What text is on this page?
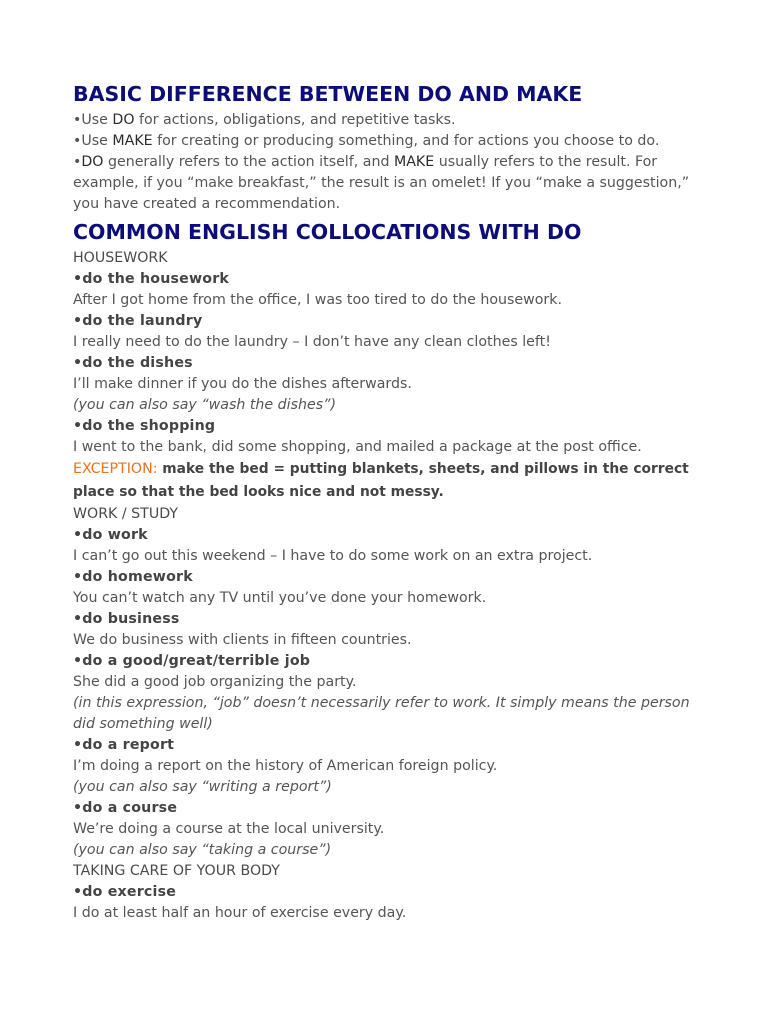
BASIC DIFFERENCE BETWEEN DO AND MAKE

•Use DO for actions, obligations, and repetitive tasks.

•Use MAKE for creating or producing something, and for actions you choose to do.

•DO generally refers to the action itself, and MAKE usually refers to the result. For example, if you “make breakfast,” the result is an omelet! If you “make a suggestion,” you have created a recommendation.

COMMON ENGLISH COLLOCATIONS WITH DO

HOUSEWORK

•do the housework

After I got home from the office, I was too tired to do the housework.

•do the laundry

I really need to do the laundry – I don’t have any clean clothes left!

•do the dishes

I’ll make dinner if you do the dishes afterwards.

(you can also say “wash the dishes”)

•do the shopping

I went to the bank, did some shopping, and mailed a package at the post office.

EXCEPTION: make the bed = putting blankets, sheets, and pillows in the correct place so that the bed looks nice and not messy.

WORK / STUDY

•do work

I can’t go out this weekend – I have to do some work on an extra project.

•do homework

You can’t watch any TV until you’ve done your homework.

•do business

We do business with clients in fifteen countries.

•do a good/great/terrible job

She did a good job organizing the party.

(in this expression, “job” doesn’t necessarily refer to work. It simply means the person did something well)

•do a report

I’m doing a report on the history of American foreign policy.

(you can also say “writing a report”)

•do a course

We’re doing a course at the local university.

(you can also say “taking a course”)

TAKING CARE OF YOUR BODY

•do exercise

I do at least half an hour of exercise every day.
